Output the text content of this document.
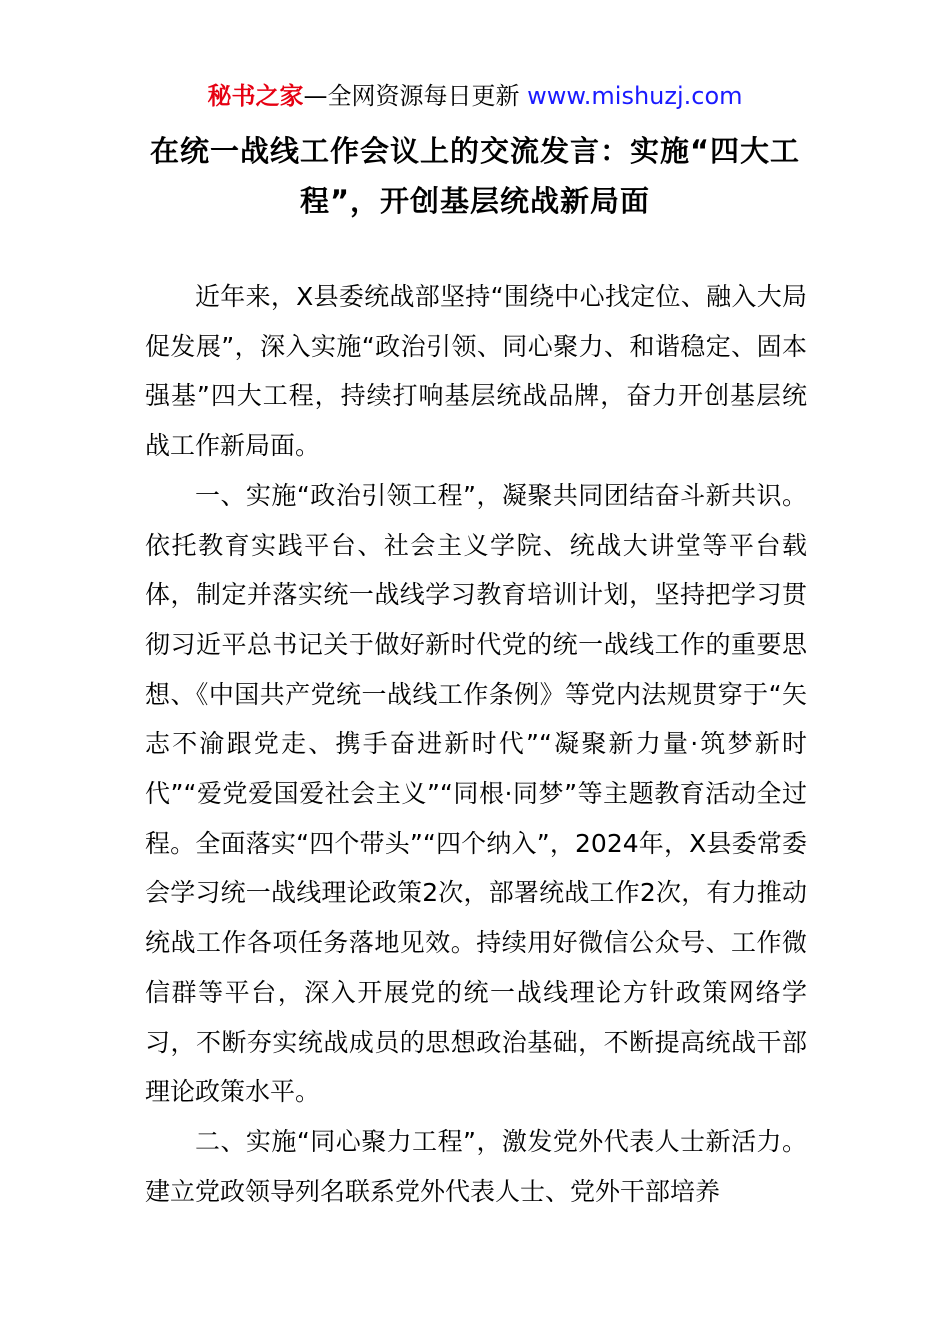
秘书之家—全网资源每日更新 www.mishuzj.com
在统一战线工作会议上的交流发言：实施“四大工程”，开创基层统战新局面

近年来，X县委统战部坚持“围绕中心找定位、融入大局促发展”，深入实施“政治引领、同心聚力、和谐稳定、固本强基”四大工程，持续打响基层统战品牌，奋力开创基层统战工作新局面。

一、实施“政治引领工程”，凝聚共同团结奋斗新共识。依托教育实践平台、社会主义学院、统战大讲堂等平台载体，制定并落实统一战线学习教育培训计划，坚持把学习贯彻习近平总书记关于做好新时代党的统一战线工作的重要思想、《中国共产党统一战线工作条例》等党内法规贯穿于“矢志不渝跟党走、携手奋进新时代”“凝聚新力量·筑梦新时代”“爱党爱国爱社会主义”“同根·同梦”等主题教育活动全过程。全面落实“四个带头”“四个纳入”，2024年，X县委常委会学习统一战线理论政策2次，部署统战工作2次，有力推动统战工作各项任务落地见效。持续用好微信公众号、工作微信群等平台，深入开展党的统一战线理论方针政策网络学习，不断夯实统战成员的思想政治基础，不断提高统战干部理论政策水平。

二、实施“同心聚力工程”，激发党外代表人士新活力。建立党政领导列名联系党外代表人士、党外干部培养
